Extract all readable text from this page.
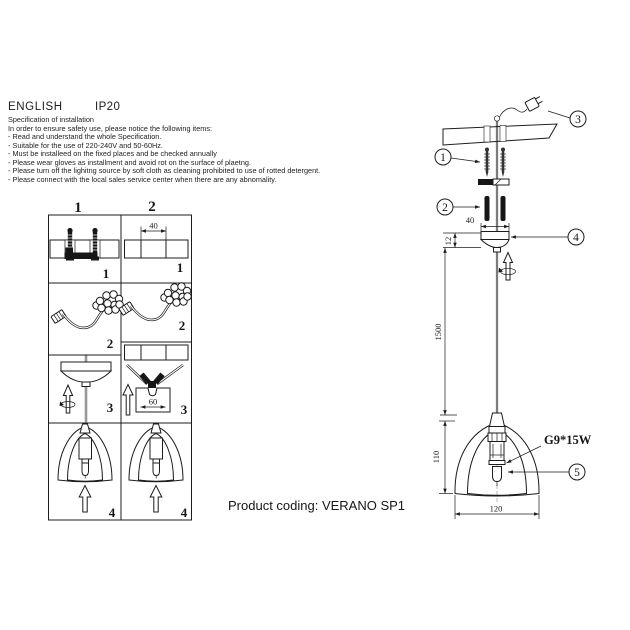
ENGLISH	IP20
Specification of installation
In order to ensure safety use, please notice the following items:
- Read and understand the whole Specification.
- Suitable for the use of 220-240V and 50-60Hz.
- Must be installeed on the fixed places and be checked annually
- Please wear gloves as installment and avoid rot on the surface of plaetng.
- Please turn off the lighitng source by soft cloth as cleaning prohibited to use of rotted detergent.
- Please connect with the local sales service center when there are any abnomality.
1	2
1
40
1
2
2
3	60
3
4	4
3
1
2
40
12	4
1500
G9*15W
5
110
120
Product coding: VERANO SP1
